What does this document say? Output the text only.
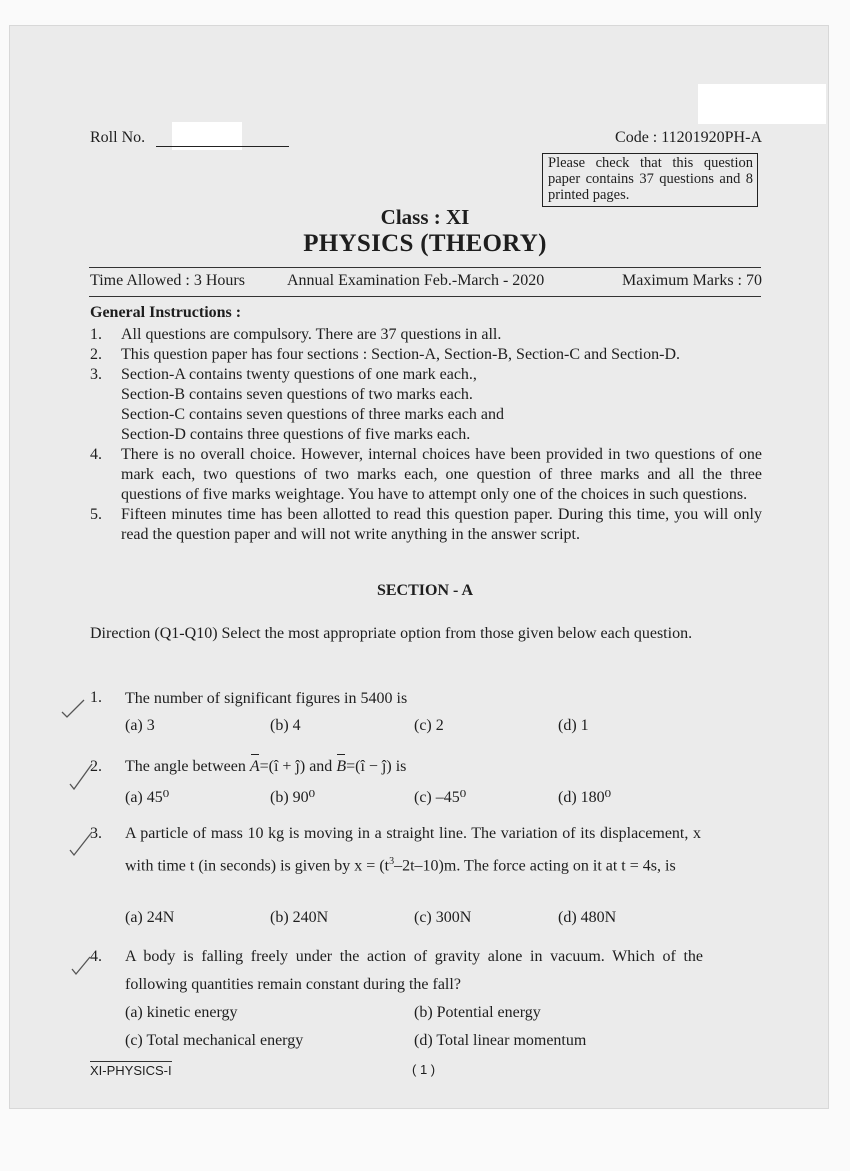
Roll No.	Code : 11201920PH-A
Please check that this question paper contains 37 questions and 8 printed pages.
Class : XI
PHYSICS (THEORY)
Time Allowed : 3 Hours	Annual Examination Feb.-March - 2020	Maximum Marks : 70
General Instructions :
1. All questions are compulsory. There are 37 questions in all.
2. This question paper has four sections : Section-A, Section-B, Section-C and Section-D.
3. Section-A contains twenty questions of one mark each.,
Section-B contains seven questions of two marks each.
Section-C contains seven questions of three marks each and
Section-D contains three questions of five marks each.
4. There is no overall choice. However, internal choices have been provided in two questions of one mark each, two questions of two marks each, one question of three marks and all the three questions of five marks weightage. You have to attempt only one of the choices in such questions.
5. Fifteen minutes time has been allotted to read this question paper. During this time, you will only read the question paper and will not write anything in the answer script.
SECTION - A
Direction (Q1-Q10) Select the most appropriate option from those given below each question.
1. The number of significant figures in 5400 is
(a) 3	(b) 4	(c) 2	(d) 1
2. The angle between A=(î + ĵ) and B=(î − ĵ) is
(a) 45⁰	(b) 90⁰	(c) –45⁰	(d) 180⁰
3. A particle of mass 10 kg is moving in a straight line. The variation of its displacement, x with time t (in seconds) is given by $x = (t^3-2t-10)m$. The force acting on it at t = 4s, is
(a) 24N	(b) 240N	(c) 300N	(d) 480N
4. A body is falling freely under the action of gravity alone in vacuum. Which of the following quantities remain constant during the fall?
(a) kinetic energy	(b) Potential energy
(c) Total mechanical energy	(d) Total linear momentum
XI-PHYSICS-I	( 1 )
